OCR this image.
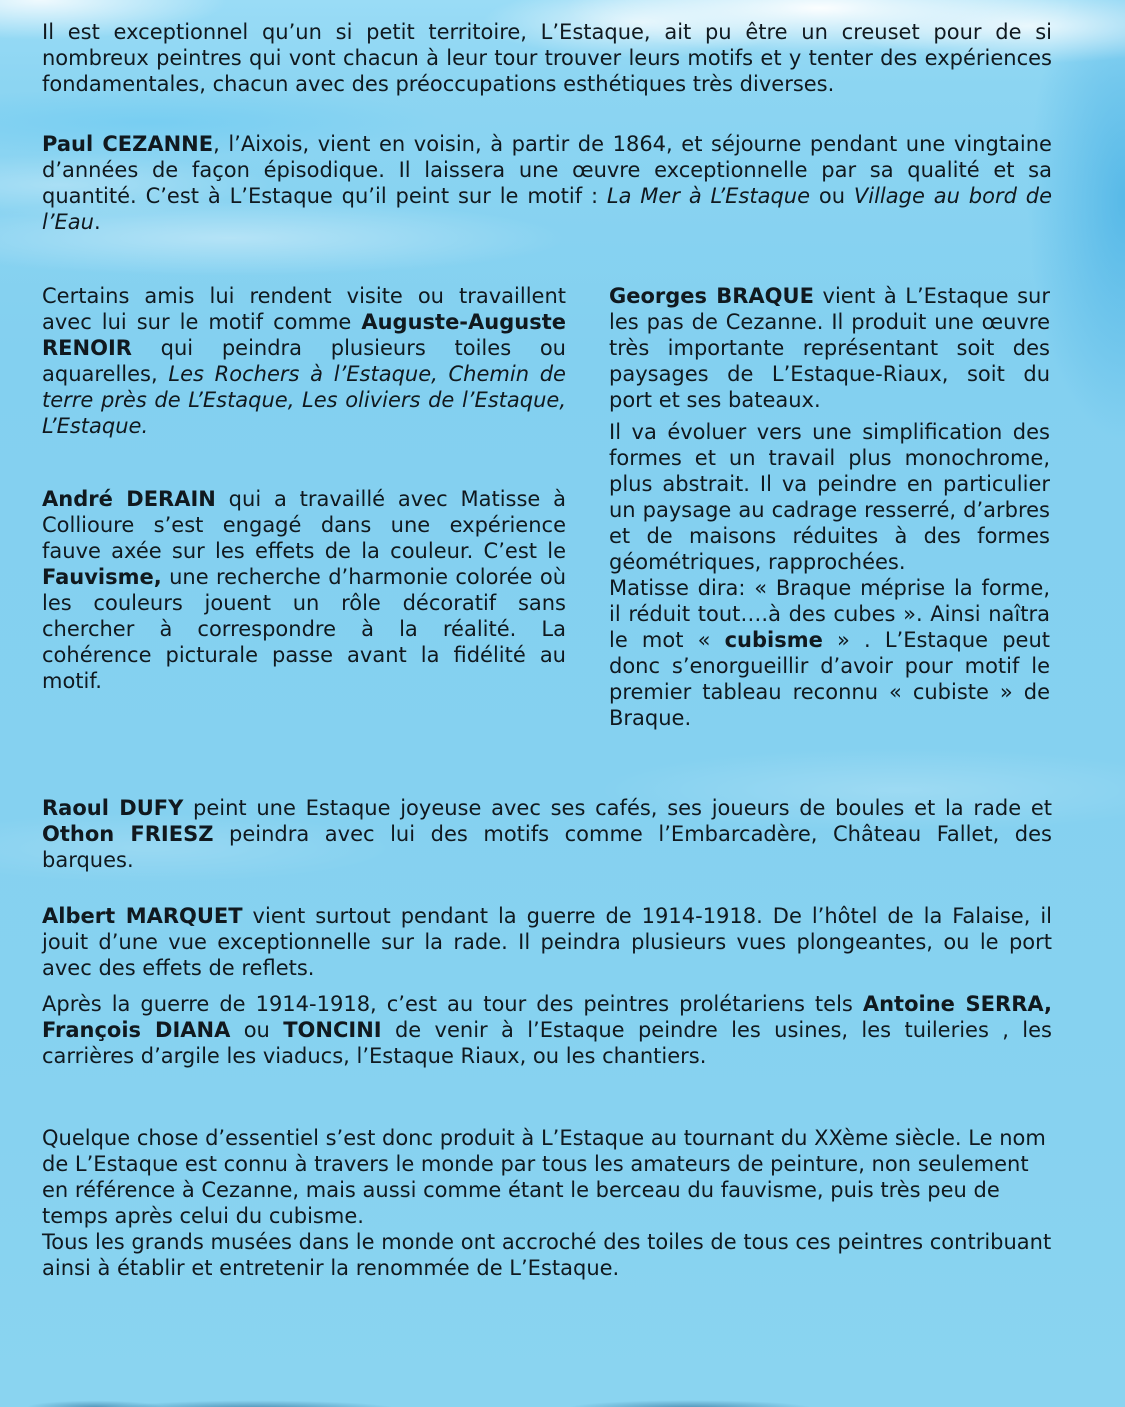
Il est exceptionnel qu’un si petit territoire, L’Estaque, ait pu être un creuset pour de si nombreux peintres qui vont chacun à leur tour trouver leurs motifs et y tenter des expériences fondamentales, chacun avec des préoccupations esthétiques très diverses.

Paul CEZANNE, l’Aixois, vient en voisin, à partir de 1864, et séjourne pendant une vingtaine d’années de façon épisodique. Il laissera une œuvre exceptionnelle par sa qualité et sa quantité. C’est à L’Estaque qu’il peint sur le motif : La Mer à L’Estaque ou Village au bord de l’Eau.

Certains amis lui rendent visite ou travaillent avec lui sur le motif comme Auguste-Auguste RENOIR qui peindra plusieurs toiles ou aquarelles, Les Rochers à l’Estaque, Chemin de terre près de L’Estaque, Les oliviers de l’Estaque, L’Estaque.

André DERAIN qui a travaillé avec Matisse à Collioure s’est engagé dans une expérience fauve axée sur les effets de la couleur. C’est le Fauvisme, une recherche d’harmonie colorée où les couleurs jouent un rôle décoratif sans chercher à correspondre à la réalité. La cohérence picturale passe avant la fidélité au motif.

Georges BRAQUE vient à L’Estaque sur les pas de Cezanne. Il produit une œuvre très importante représentant soit des paysages de L’Estaque-Riaux, soit du port et ses bateaux.

Il va évoluer vers une simplification des formes et un travail plus monochrome, plus abstrait. Il va peindre en particulier un paysage au cadrage resserré, d’arbres et de maisons réduites à des formes géométriques, rapprochées.

Matisse dira: « Braque méprise la forme, il réduit tout….à des cubes ». Ainsi naîtra le mot « cubisme » . L’Estaque peut donc s’enorgueillir d’avoir pour motif le premier tableau reconnu « cubiste » de Braque.

Raoul DUFY peint une Estaque joyeuse avec ses cafés, ses joueurs de boules et la rade et Othon FRIESZ peindra avec lui des motifs comme l’Embarcadère, Château Fallet, des barques.

Albert MARQUET vient surtout pendant la guerre de 1914-1918. De l’hôtel de la Falaise, il jouit d’une vue exceptionnelle sur la rade. Il peindra plusieurs vues plongeantes, ou le port avec des effets de reflets.

Après la guerre de 1914-1918, c’est au tour des peintres prolétariens tels Antoine SERRA, François DIANA ou TONCINI de venir à l’Estaque peindre les usines, les tuileries , les carrières d’argile les viaducs, l’Estaque Riaux, ou les chantiers.

Quelque chose d’essentiel s’est donc produit à L’Estaque au tournant du XXème siècle. Le nom de L’Estaque est connu à travers le monde par tous les amateurs de peinture, non seulement en référence à Cezanne, mais aussi comme étant le berceau du fauvisme, puis très peu de temps après celui du cubisme.

Tous les grands musées dans le monde ont accroché des toiles de tous ces peintres contribuant ainsi à établir et entretenir la renommée de L’Estaque.
